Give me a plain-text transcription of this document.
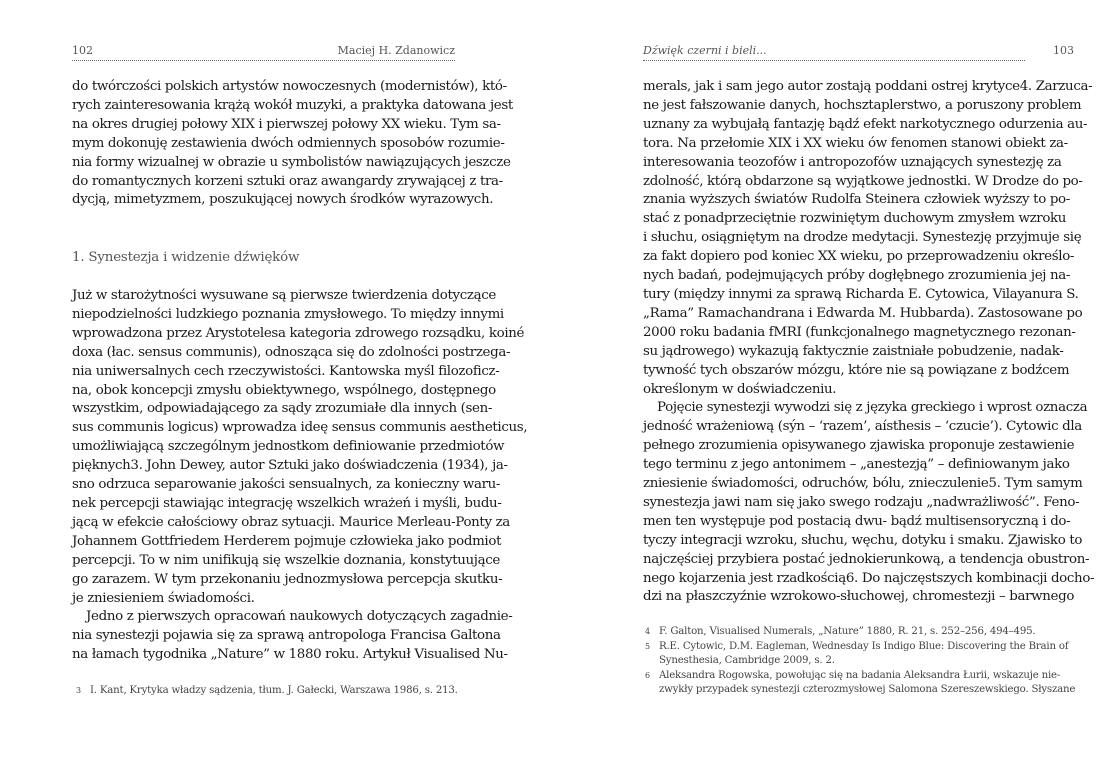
102	Maciej H. Zdanowicz
do twórczości polskich artystów nowoczesnych (modernistów), któ-
rych zainteresowania krążą wokół muzyki, a praktyka datowana jest
na okres drugiej połowy XIX i pierwszej połowy XX wieku. Tym sa-
mym dokonuję zestawienia dwóch odmiennych sposobów rozumie-
nia formy wizualnej w obrazie u symbolistów nawiązujących jeszcze
do romantycznych korzeni sztuki oraz awangardy zrywającej z tra-
dycją, mimetyzmem, poszukującej nowych środków wyrazowych.
1. Synestezja i widzenie dźwięków
Już w starożytności wysuwane są pierwsze twierdzenia dotyczące
niepodzielności ludzkiego poznania zmysłowego. To między innymi
wprowadzona przez Arystotelesa kategoria zdrowego rozsądku, koiné
doxa (łac. sensus communis), odnosząca się do zdolności postrzega-
nia uniwersalnych cech rzeczywistości. Kantowska myśl filozoficz-
na, obok koncepcji zmysłu obiektywnego, wspólnego, dostępnego
wszystkim, odpowiadającego za sądy zrozumiałe dla innych (sen-
sus communis logicus) wprowadza ideę sensus communis aestheticus,
umożliwiającą szczególnym jednostkom definiowanie przedmiotów
pięknych3. John Dewey, autor Sztuki jako doświadczenia (1934), ja-
sno odrzuca separowanie jakości sensualnych, za konieczny waru-
nek percepcji stawiając integrację wszelkich wrażeń i myśli, budu-
jącą w efekcie całościowy obraz sytuacji. Maurice Merleau-Ponty za
Johannem Gottfriedem Herderem pojmuje człowieka jako podmiot
percepcji. To w nim unifikują się wszelkie doznania, konstytuujące
go zarazem. W tym przekonaniu jednozmysłowa percepcja skutku-
je zniesieniem świadomości.
Jedno z pierwszych opracowań naukowych dotyczących zagadnie-
nia synestezji pojawia się za sprawą antropologa Francisa Galtona
na łamach tygodnika „Nature” w 1880 roku. Artykuł Visualised Nu-
3 I. Kant, Krytyka władzy sądzenia, tłum. J. Gałecki, Warszawa 1986, s. 213.
Dźwięk czerni i bieli...	103
merals, jak i sam jego autor zostają poddani ostrej krytyce4. Zarzuca-
ne jest fałszowanie danych, hochsztaplerstwo, a poruszony problem
uznany za wybujałą fantazję bądź efekt narkotycznego odurzenia au-
tora. Na przełomie XIX i XX wieku ów fenomen stanowi obiekt za-
interesowania teozofów i antropozofów uznających synestezję za
zdolność, którą obdarzone są wyjątkowe jednostki. W Drodze do po-
znania wyższych światów Rudolfa Steinera człowiek wyższy to po-
stać z ponadprzeciętnie rozwiniętym duchowym zmysłem wzroku
i słuchu, osiągniętym na drodze medytacji. Synestezję przyjmuje się
za fakt dopiero pod koniec XX wieku, po przeprowadzeniu określo-
nych badań, podejmujących próby dogłębnego zrozumienia jej na-
tury (między innymi za sprawą Richarda E. Cytowica, Vilayanura S.
„Rama” Ramachandrana i Edwarda M. Hubbarda). Zastosowane po
2000 roku badania fMRI (funkcjonalnego magnetycznego rezonan-
su jądrowego) wykazują faktycznie zaistniałe pobudzenie, nadak-
tywność tych obszarów mózgu, które nie są powiązane z bodźcem
określonym w doświadczeniu.
Pojęcie synestezji wywodzi się z języka greckiego i wprost oznacza
jedność wrażeniową (sýn – ‘razem’, aísthesis – ‘czucie’). Cytowic dla
pełnego zrozumienia opisywanego zjawiska proponuje zestawienie
tego terminu z jego antonimem – „anestezją” – definiowanym jako
zniesienie świadomości, odruchów, bólu, znieczulenie5. Tym samym
synestezja jawi nam się jako swego rodzaju „nadwrażliwość”. Feno-
men ten występuje pod postacią dwu- bądź multisensoryczną i do-
tyczy integracji wzroku, słuchu, węchu, dotyku i smaku. Zjawisko to
najczęściej przybiera postać jednokierunkową, a tendencja obustron-
nego kojarzenia jest rzadkością6. Do najczęstszych kombinacji docho-
dzi na płaszczyźnie wzrokowo-słuchowej, chromestezji – barwnego
4 F. Galton, Visualised Numerals, „Nature” 1880, R. 21, s. 252–256, 494–495.
5 R.E. Cytowic, D.M. Eagleman, Wednesday Is Indigo Blue: Discovering the Brain of
Synesthesia, Cambridge 2009, s. 2.
6 Aleksandra Rogowska, powołując się na badania Aleksandra Łurii, wskazuje nie-
zwykły przypadek synestezji czterozmysłowej Salomona Szereszewskiego. Słyszane
